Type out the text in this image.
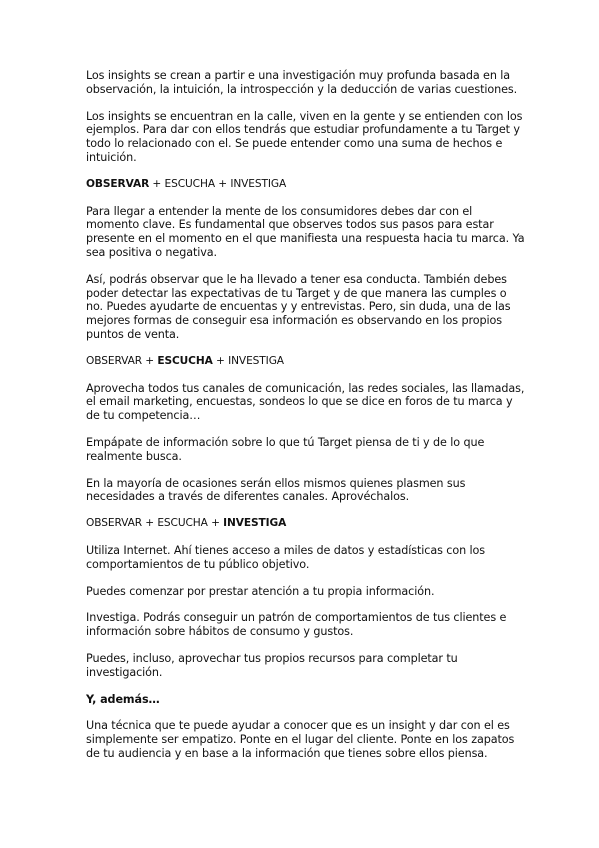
Los insights se crean a partir e una investigación muy profunda basada en la observación, la intuición, la introspección y la deducción de varias cuestiones.

Los insights se encuentran en la calle, viven en la gente y se entienden con los ejemplos. Para dar con ellos tendrás que estudiar profundamente a tu Target y todo lo relacionado con el. Se puede entender como una suma de hechos e intuición.

OBSERVAR + ESCUCHA + INVESTIGA

Para llegar a entender la mente de los consumidores debes dar con el momento clave. Es fundamental que observes todos sus pasos para estar presente en el momento en el que manifiesta una respuesta hacia tu marca. Ya sea positiva o negativa.

Así, podrás observar que le ha llevado a tener esa conducta. También debes poder detectar las expectativas de tu Target y de que manera las cumples o no. Puedes ayudarte de encuentas y y entrevistas. Pero, sin duda, una de las mejores formas de conseguir esa información es observando en los propios puntos de venta.

OBSERVAR + ESCUCHA + INVESTIGA

Aprovecha todos tus canales de comunicación, las redes sociales, las llamadas, el email marketing, encuestas, sondeos lo que se dice en foros de tu marca y de tu competencia…

Empápate de información sobre lo que tú Target piensa de ti y de lo que realmente busca.

En la mayoría de ocasiones serán ellos mismos quienes plasmen sus necesidades a través de diferentes canales. Aprovéchalos.

OBSERVAR + ESCUCHA + INVESTIGA

Utiliza Internet. Ahí tienes acceso a miles de datos y estadísticas con los comportamientos de tu público objetivo.

Puedes comenzar por prestar atención a tu propia información.

Investiga. Podrás conseguir un patrón de comportamientos de tus clientes e información sobre hábitos de consumo y gustos.

Puedes, incluso, aprovechar tus propios recursos para completar tu investigación.

Y, además…

Una técnica que te puede ayudar a conocer que es un insight y dar con el es simplemente ser empatizo. Ponte en el lugar del cliente. Ponte en los zapatos de tu audiencia y en base a la información que tienes sobre ellos piensa.
